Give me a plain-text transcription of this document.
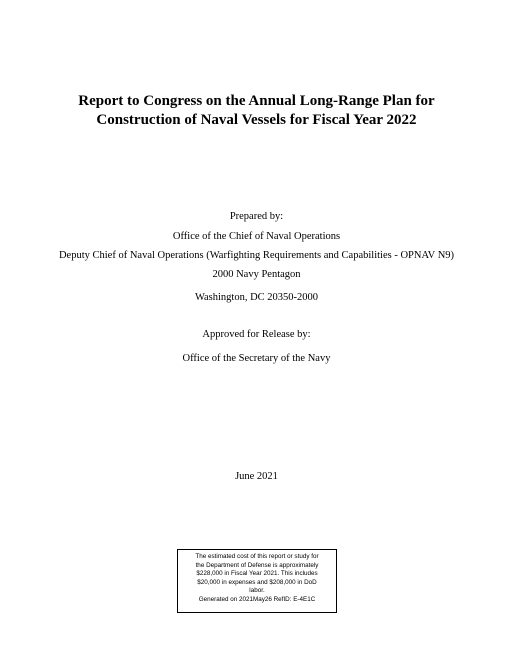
Report to Congress on the Annual Long-Range Plan for
Construction of Naval Vessels for Fiscal Year 2022
Prepared by:
Office of the Chief of Naval Operations
Deputy Chief of Naval Operations (Warfighting Requirements and Capabilities - OPNAV N9)
2000 Navy Pentagon
Washington, DC 20350-2000
Approved for Release by:
Office of the Secretary of the Navy
June 2021
The estimated cost of this report or study for
the Department of Defense is approximately
$228,000 in Fiscal Year 2021. This includes
$20,000 in expenses and $208,000 in DoD
labor.
Generated on 2021May26 RefID: E-4E1C
